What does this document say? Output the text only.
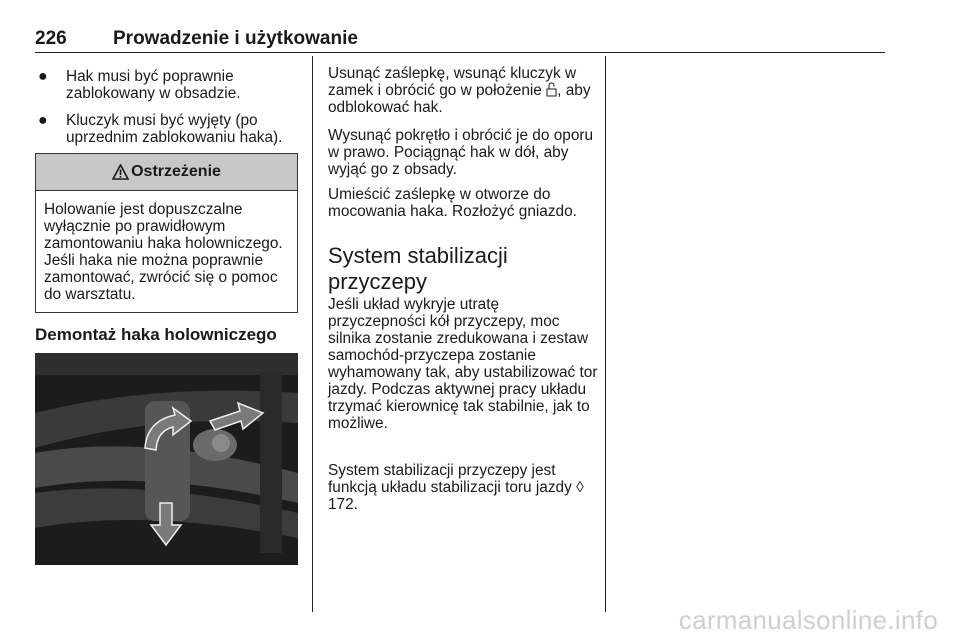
226 Prowadzenie i użytkowanie
● Hak musi być poprawnie zablokowany w obsadzie.
● Kluczyk musi być wyjęty (po uprzednim zablokowaniu haka).
Ostrzeżenie
Holowanie jest dopuszczalne wyłącznie po prawidłowym zamontowaniu haka holowniczego. Jeśli haka nie można poprawnie zamontować, zwrócić się o pomoc do warsztatu.
Demontaż haka holowniczego
Usunąć zaślepkę, wsunąć kluczyk w zamek i obrócić go w położenie , aby odblokować hak.
Wysunąć pokrętło i obrócić je do oporu w prawo. Pociągnąć hak w dół, aby wyjąć go z obsady.
Umieścić zaślepkę w otworze do mocowania haka. Rozłożyć gniazdo.
System stabilizacji przyczepy
Jeśli układ wykryje utratę przyczepności kół przyczepy, moc silnika zostanie zredukowana i zestaw samochód-przyczepa zostanie wyhamowany tak, aby ustabilizować tor jazdy. Podczas aktywnej pracy układu trzymać kierownicę tak stabilnie, jak to możliwe.
System stabilizacji przyczepy jest funkcją układu stabilizacji toru jazdy ◊ 172.
carmanualsonline.info
